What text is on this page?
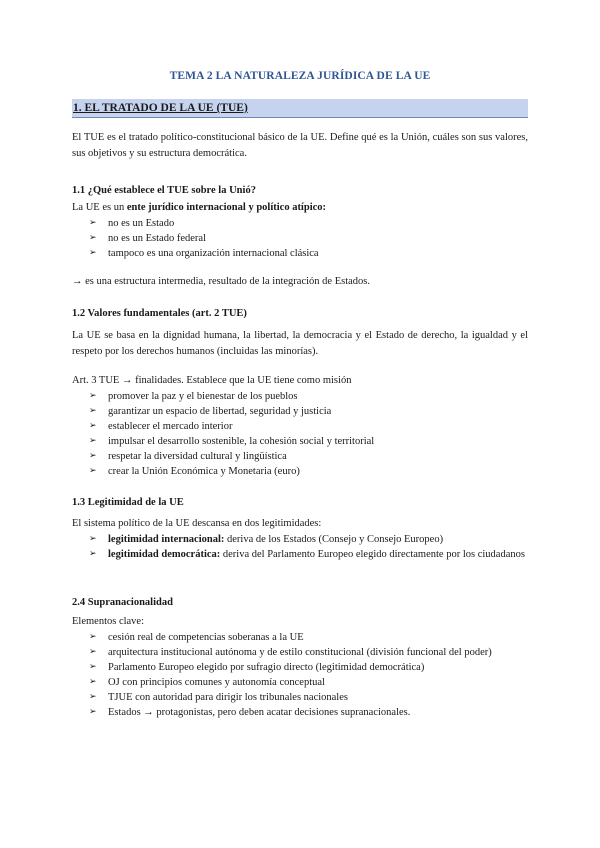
TEMA 2 LA NATURALEZA JURÍDICA DE LA UE
1. EL TRATADO DE LA UE (TUE)

El TUE es el tratado político-constitucional básico de la UE. Define qué es la Unión, cuáles son sus valores, sus objetivos y su estructura democrática.

1.1 ¿Qué establece el TUE sobre la Unió?

La UE es un ente jurídico internacional y político atípico:

➢ no es un Estado
➢ no es un Estado federal
➢ tampoco es una organización internacional clásica

→ es una estructura intermedia, resultado de la integración de Estados.

1.2 Valores fundamentales (art. 2 TUE)

La UE se basa en la dignidad humana, la libertad, la democracia y el Estado de derecho, la igualdad y el respeto por los derechos humanos (incluidas las minorías).

Art. 3 TUE → finalidades. Establece que la UE tiene como misión

➢ promover la paz y el bienestar de los pueblos
➢ garantizar un espacio de libertad, seguridad y justicia
➢ establecer el mercado interior
➢ impulsar el desarrollo sostenible, la cohesión social y territorial
➢ respetar la diversidad cultural y lingüística
➢ crear la Unión Económica y Monetaria (euro)
1.3 Legitimidad de la UE

El sistema político de la UE descansa en dos legitimidades:

➢ legitimidad internacional: deriva de los Estados (Consejo y Consejo Europeo)
➢ legitimidad democrática: deriva del Parlamento Europeo elegido directamente por los ciudadanos
2.4 Supranacionalidad

Elementos clave:

➢ cesión real de competencias soberanas a la UE
➢ arquitectura institucional autónoma y de estilo constitucional (división funcional del poder)
➢ Parlamento Europeo elegido por sufragio directo (legitimidad democrática)
➢ OJ con principios comunes y autonomía conceptual
➢ TJUE con autoridad para dirigir los tribunales nacionales
➢ Estados → protagonistas, pero deben acatar decisiones supranacionales.
